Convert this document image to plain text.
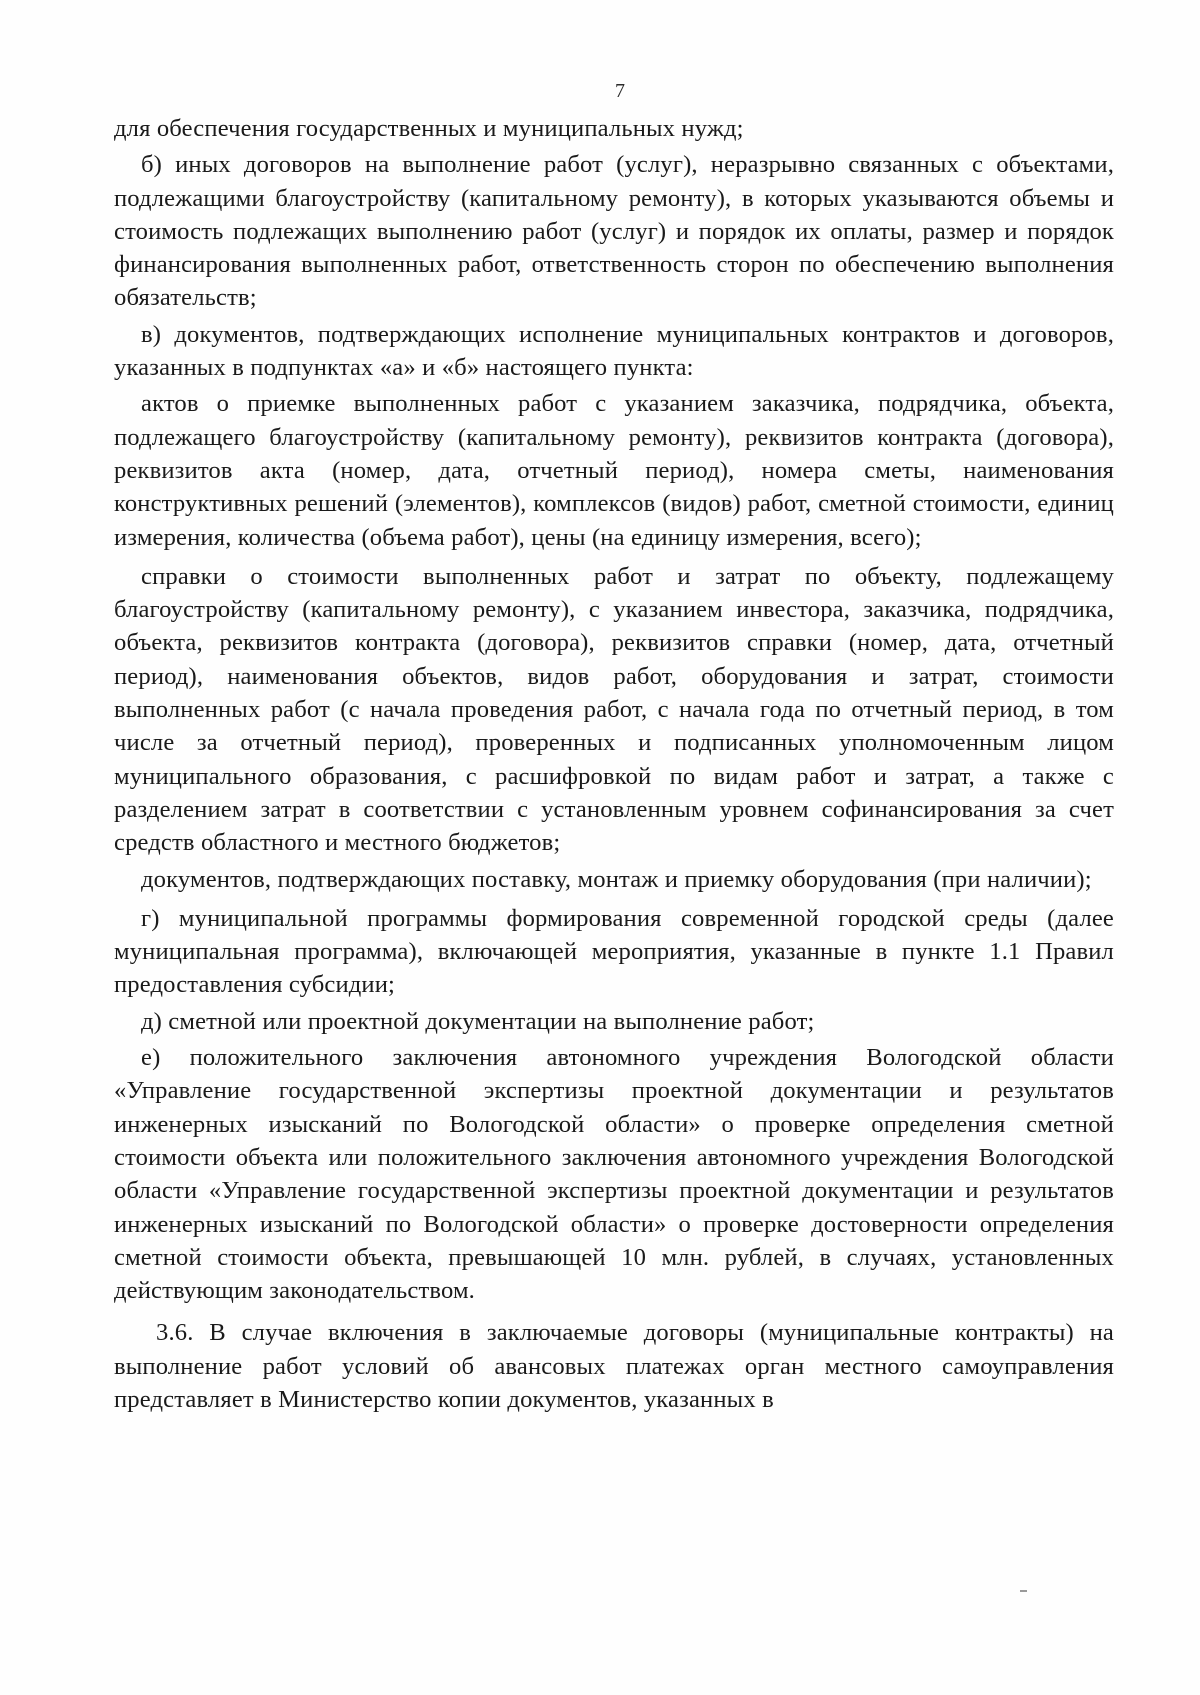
7

для обеспечения государственных и муниципальных нужд;

б) иных договоров на выполнение работ (услуг), неразрывно связанных с объектами, подлежащими благоустройству (капитальному ремонту), в которых указываются объемы и стоимость подлежащих выполнению работ (услуг) и порядок их оплаты, размер и порядок финансирования выполненных работ, ответственность сторон по обеспечению выполнения обязательств;

в) документов, подтверждающих исполнение муниципальных контрактов и договоров, указанных в подпунктах «а» и «б» настоящего пункта:

актов о приемке выполненных работ с указанием заказчика, подрядчика, объекта, подлежащего благоустройству (капитальному ремонту), реквизитов контракта (договора), реквизитов акта (номер, дата, отчетный период), номера сметы, наименования конструктивных решений (элементов), комплексов (видов) работ, сметной стоимости, единиц измерения, количества (объема работ), цены (на единицу измерения, всего);

справки о стоимости выполненных работ и затрат по объекту, подлежащему благоустройству (капитальному ремонту), с указанием инвестора, заказчика, подрядчика, объекта, реквизитов контракта (договора), реквизитов справки (номер, дата, отчетный период), наименования объектов, видов работ, оборудования и затрат, стоимости выполненных работ (с начала проведения работ, с начала года по отчетный период, в том числе за отчетный период), проверенных и подписанных уполномоченным лицом муниципального образования, с расшифровкой по видам работ и затрат, а также с разделением затрат в соответствии с установленным уровнем софинансирования за счет средств областного и местного бюджетов;

документов, подтверждающих поставку, монтаж и приемку оборудования (при наличии);

г) муниципальной программы формирования современной городской среды (далее муниципальная программа), включающей мероприятия, указанные в пункте 1.1 Правил предоставления субсидии;

д) сметной или проектной документации на выполнение работ;

е) положительного заключения автономного учреждения Вологодской области «Управление государственной экспертизы проектной документации и результатов инженерных изысканий по Вологодской области» о проверке определения сметной стоимости объекта или положительного заключения автономного учреждения Вологодской области «Управление государственной экспертизы проектной документации и результатов инженерных изысканий по Вологодской области» о проверке достоверности определения сметной стоимости объекта, превышающей 10 млн. рублей, в случаях, установленных действующим законодательством.

3.6. В случае включения в заключаемые договоры (муниципальные контракты) на выполнение работ условий об авансовых платежах орган местного самоуправления представляет в Министерство копии документов, указанных в
